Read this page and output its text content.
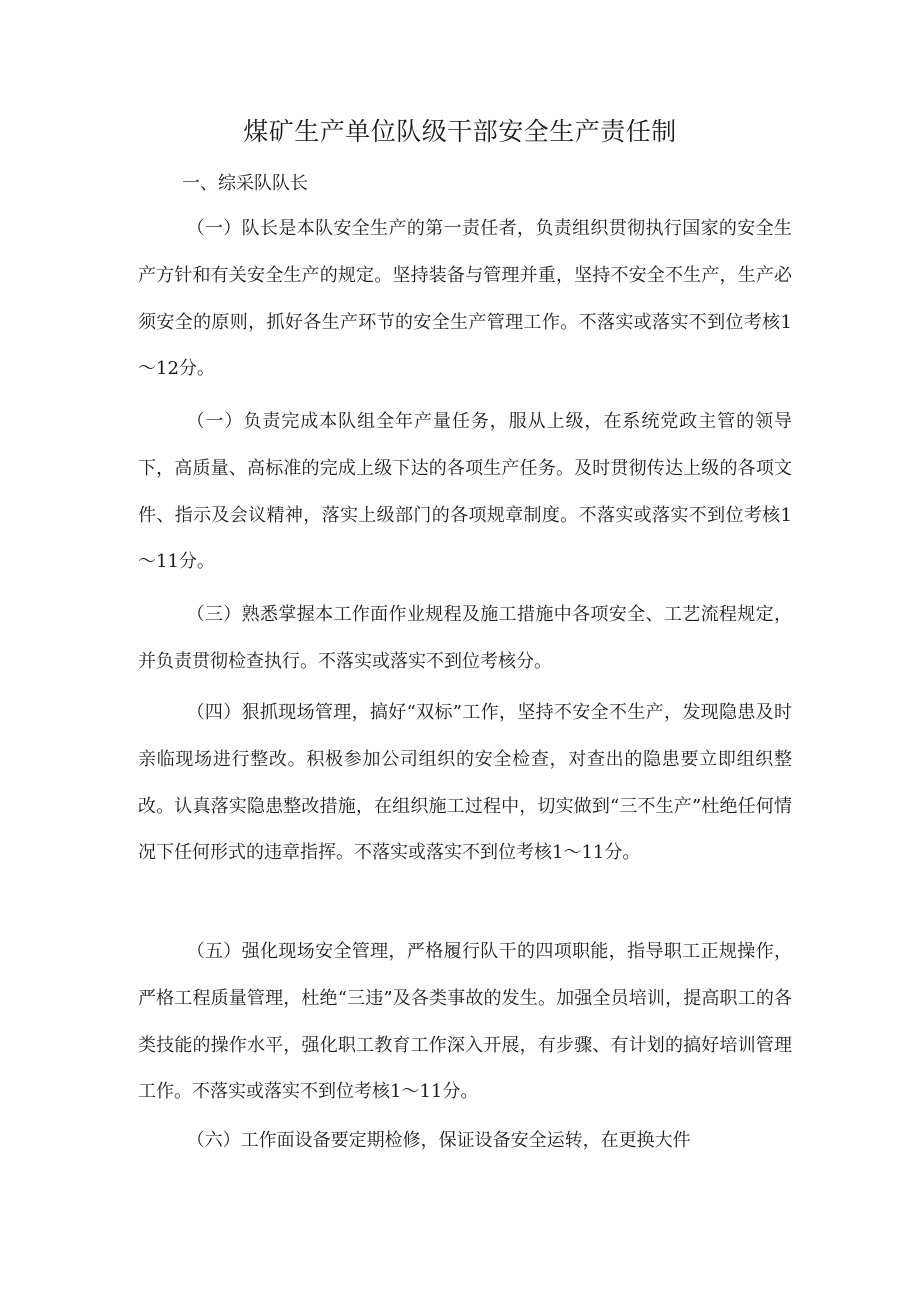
煤矿生产单位队级干部安全生产责任制
一、综采队队长

（一）队长是本队安全生产的第一责任者，负责组织贯彻执行国家的安全生产方针和有关安全生产的规定。坚持装备与管理并重，坚持不安全不生产，生产必须安全的原则，抓好各生产环节的安全生产管理工作。不落实或落实不到位考核1～12分。

（一）负责完成本队组全年产量任务，服从上级，在系统党政主管的领导下，高质量、高标准的完成上级下达的各项生产任务。及时贯彻传达上级的各项文件、指示及会议精神，落实上级部门的各项规章制度。不落实或落实不到位考核1～11分。

（三）熟悉掌握本工作面作业规程及施工措施中各项安全、工艺流程规定，并负责贯彻检查执行。不落实或落实不到位考核分。

（四）狠抓现场管理，搞好“双标”工作，坚持不安全不生产，发现隐患及时亲临现场进行整改。积极参加公司组织的安全检查，对查出的隐患要立即组织整改。认真落实隐患整改措施，在组织施工过程中，切实做到“三不生产”杜绝任何情况下任何形式的违章指挥。不落实或落实不到位考核1～11分。

（五）强化现场安全管理，严格履行队干的四项职能，指导职工正规操作，严格工程质量管理，杜绝“三违”及各类事故的发生。加强全员培训，提高职工的各类技能的操作水平，强化职工教育工作深入开展，有步骤、有计划的搞好培训管理工作。不落实或落实不到位考核1～11分。

（六）工作面设备要定期检修，保证设备安全运转，在更换大件
